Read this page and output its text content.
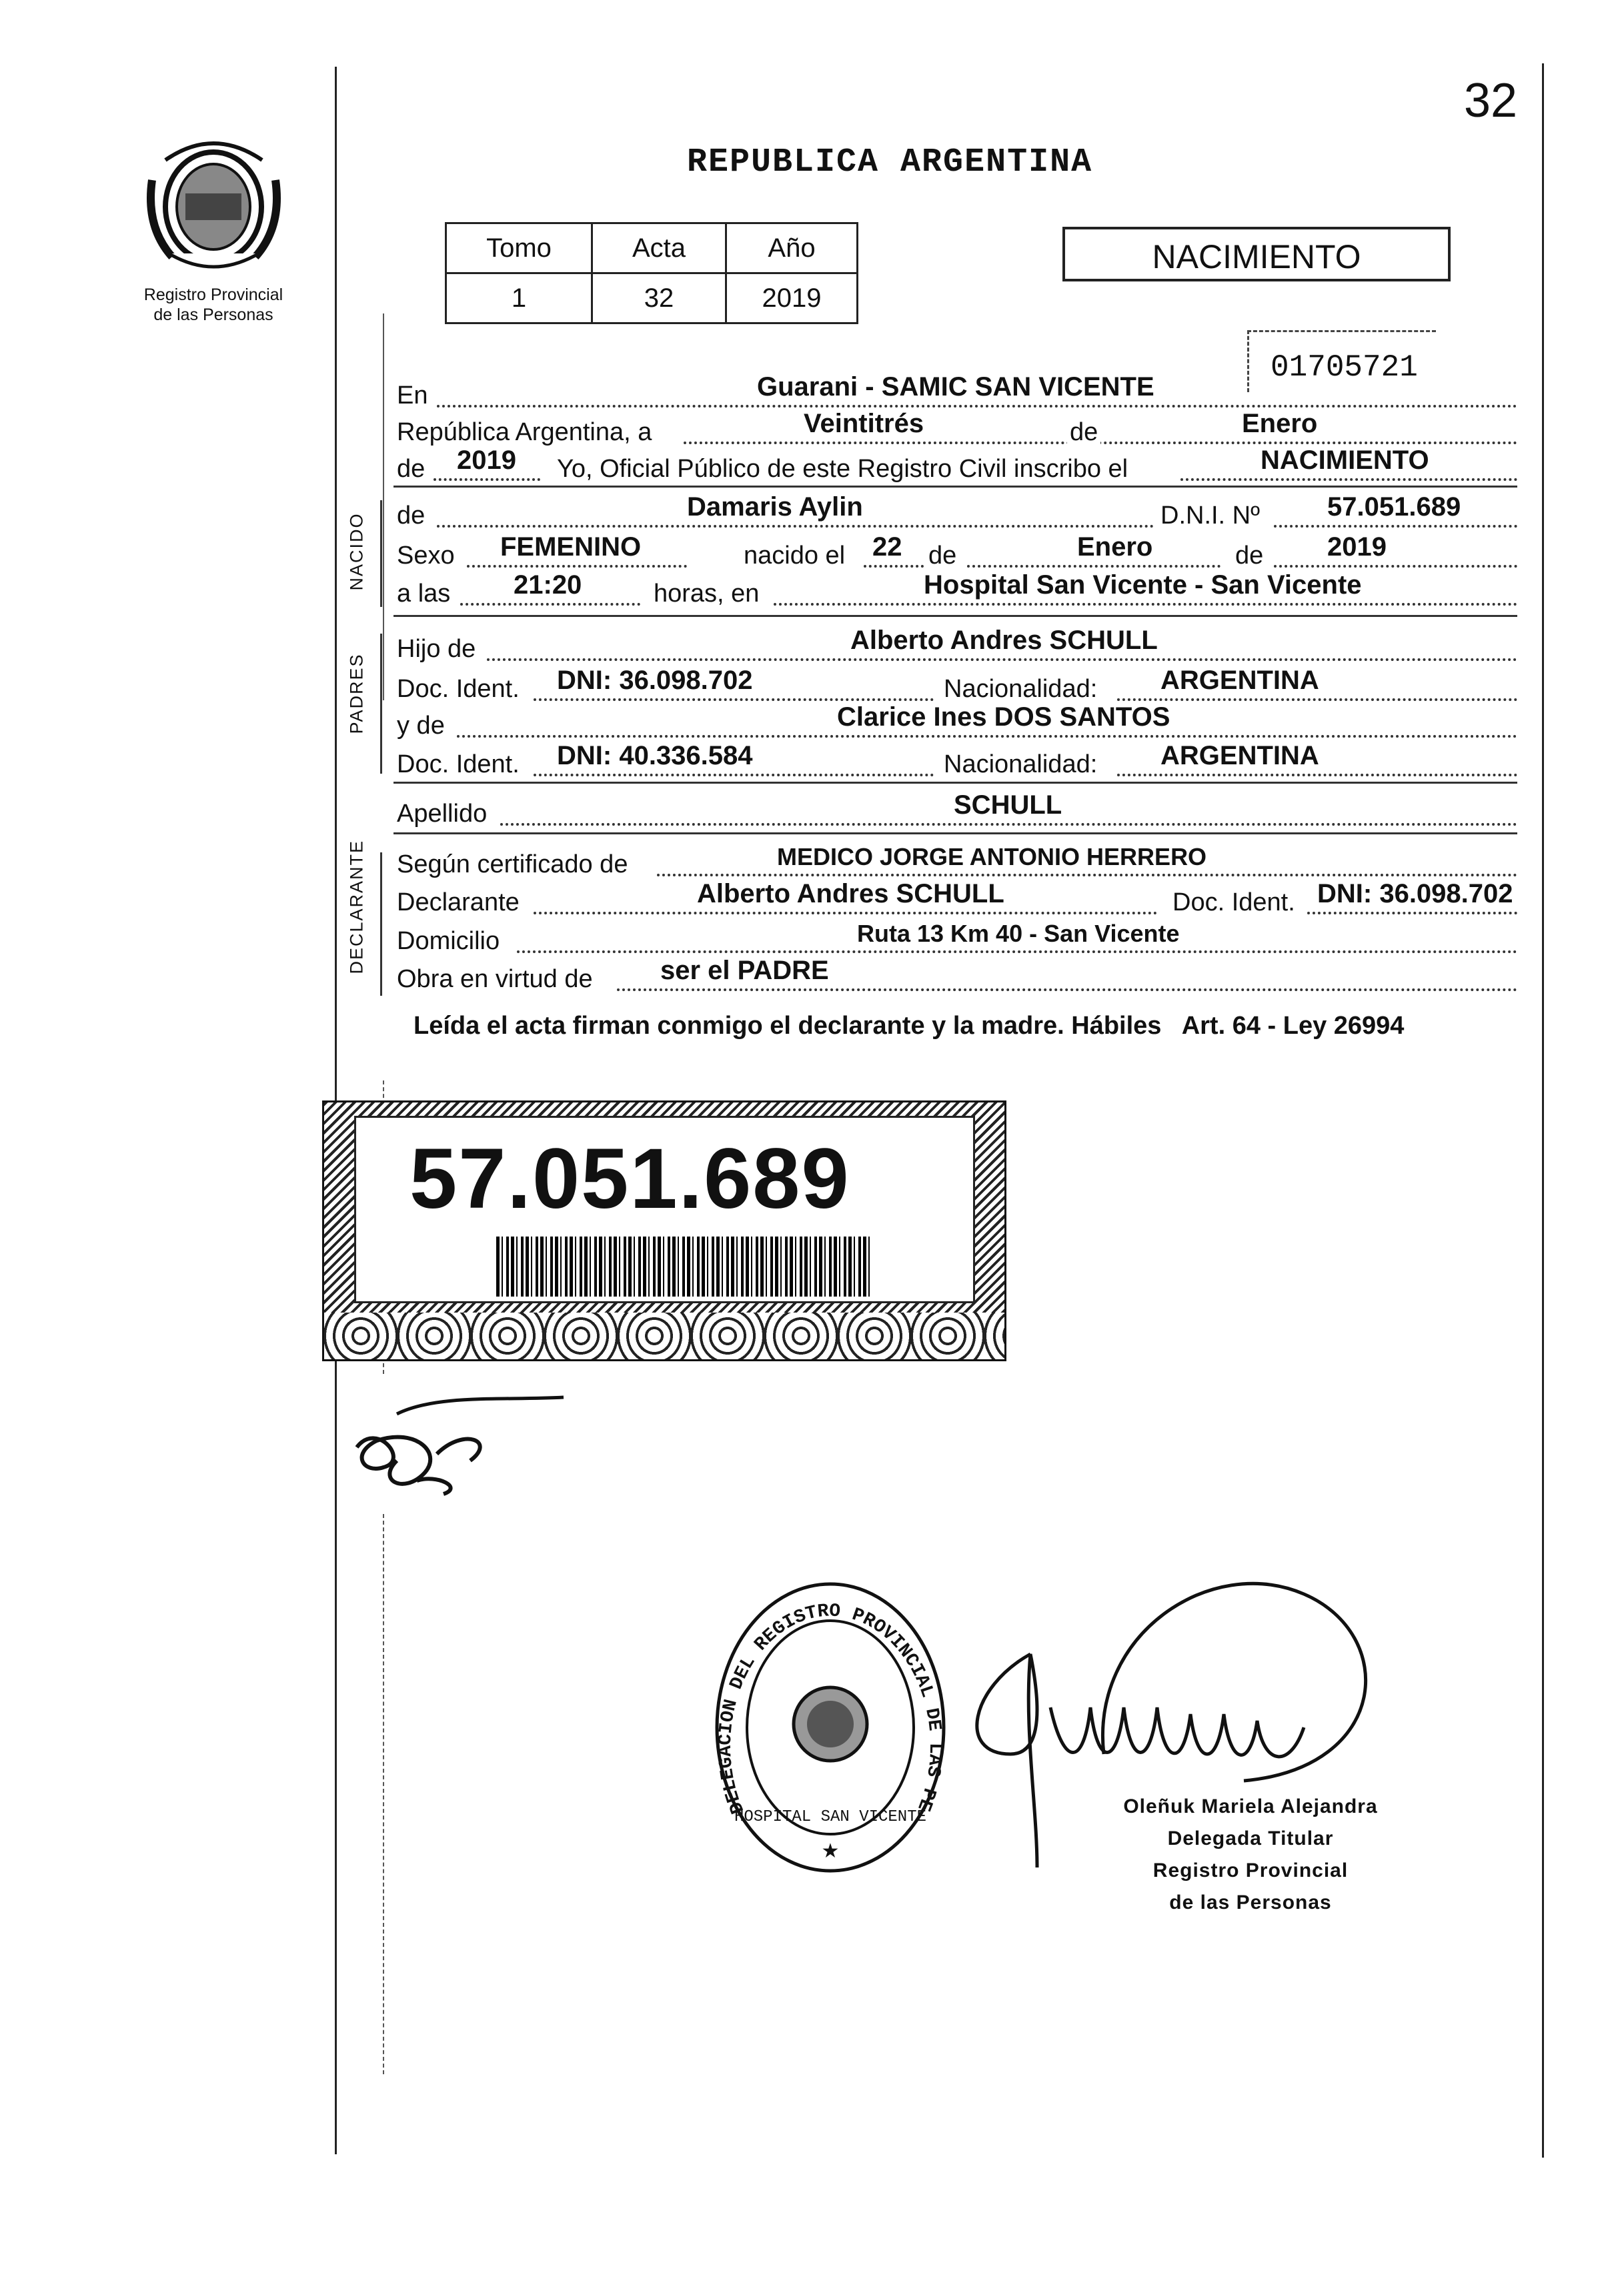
32
Registro Provincial
de las Personas
REPUBLICA ARGENTINA
Tomo	Acta	Año
1	32	2019
NACIMIENTO
01705721
NACIDO
PADRES
DECLARANTE
En	Guarani - SAMIC SAN VICENTE
República Argentina, a	Veintitrés	de	Enero
de 2019 Yo, Oficial Público de este Registro Civil inscribo el	NACIMIENTO
de	Damaris Aylin	D.N.I. Nº	57.051.689
Sexo FEMENINO	nacido el 22 de	Enero	de 2019
a las 21:20	horas, en	Hospital San Vicente - San Vicente
Hijo de	Alberto Andres SCHULL
Doc. Ident. DNI: 36.098.702	Nacionalidad: ARGENTINA
y de	Clarice Ines DOS SANTOS
Doc. Ident. DNI: 40.336.584	Nacionalidad: ARGENTINA
Apellido	SCHULL
Según certificado de	MEDICO JORGE ANTONIO HERRERO
Declarante	Alberto Andres SCHULL	Doc. Ident. DNI: 36.098.702
Domicilio	Ruta 13 Km 40 - San Vicente
Obra en virtud de	ser el PADRE
Leída el acta firman conmigo el declarante y la madre. Hábiles   Art. 64 - Ley 26994
57.051.689
DELEGACION DEL REGISTRO PROVINCIAL DE LAS PE
HOSPITAL SAN VICENTE
★
Oleñuk Mariela Alejandra
Delegada Titular
Registro Provincial
de las Personas
